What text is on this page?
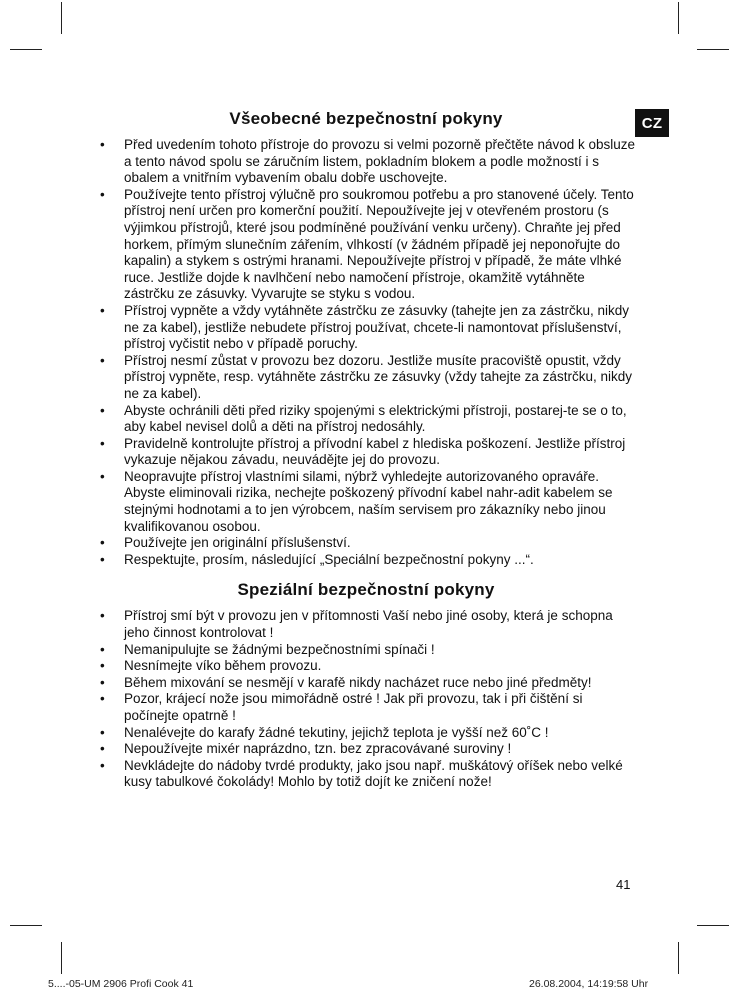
CZ
Všeobecné bezpečnostní pokyny
• Před uvedením tohoto přístroje do provozu si velmi pozorně přečtěte návod k obsluze a tento návod spolu se záručním listem, pokladním blokem a podle možností i s obalem a vnitřním vybavením obalu dobře uschovejte.
• Používejte tento přístroj výlučně pro soukromou potřebu a pro stanovené účely. Tento přístroj není určen pro komerční použití. Nepoužívejte jej v otevřeném prostoru (s výjimkou přístrojů, které jsou podmíněné používání venku určeny). Chraňte jej před horkem, přímým slunečním zářením, vlhkostí (v žádném případě jej neponořujte do kapalin) a stykem s ostrými hranami. Nepoužívejte přístroj v případě, že máte vlhké ruce. Jestliže dojde k navlhčení nebo namočení přístroje, okamžitě vytáhněte zástrčku ze zásuvky. Vyvarujte se styku s vodou.
• Přístroj vypněte a vždy vytáhněte zástrčku ze zásuvky (tahejte jen za zástrčku, nikdy ne za kabel), jestliže nebudete přístroj používat, chcete-li namontovat příslušenství, přístroj vyčistit nebo v případě poruchy.
• Přístroj nesmí zůstat v provozu bez dozoru. Jestliže musíte pracoviště opustit, vždy přístroj vypněte, resp. vytáhněte zástrčku ze zásuvky (vždy tahejte za zástrčku, nikdy ne za kabel).
• Abyste ochránili děti před riziky spojenými s elektrickými přístroji, postarej-te se o to, aby kabel nevisel dolů a děti na přístroj nedosáhly.
• Pravidelně kontrolujte přístroj a přívodní kabel z hlediska poškození. Jestliže přístroj vykazuje nějakou závadu, neuvádějte jej do provozu.
• Neopravujte přístroj vlastními silami, nýbrž vyhledejte autorizovaného opraváře. Abyste eliminovali rizika, nechejte poškozený přívodní kabel nahr-adit kabelem se stejnými hodnotami a to jen výrobcem, naším servisem pro zákazníky nebo jinou kvalifikovanou osobou.
• Používejte jen originální příslušenství.
• Respektujte, prosím, následující „Speciální bezpečnostní pokyny ...“.
Speziální bezpečnostní pokyny
• Přístroj smí být v provozu jen v přítomnosti Vaší nebo jiné osoby, která je schopna jeho činnost kontrolovat !
• Nemanipulujte se žádnými bezpečnostními spínači !
• Nesnímejte víko během provozu.
• Během mixování se nesmějí v karafě nikdy nacházet ruce nebo jiné předměty!
• Pozor, krájecí nože jsou mimořádně ostré ! Jak při provozu, tak i při čištění si počínejte opatrně !
• Nenalévejte do karafy žádné tekutiny, jejichž teplota je vyšší než 60˚C !
• Nepoužívejte mixér naprázdno, tzn. bez zpracovávané suroviny !
• Nevkládejte do nádoby tvrdé produkty, jako jsou např. muškátový oříšek nebo velké kusy tabulkové čokolády! Mohlo by totiž dojít ke zničení nože!
41
5....-05-UM 2906 Profi Cook 41	26.08.2004, 14:19:58 Uhr
